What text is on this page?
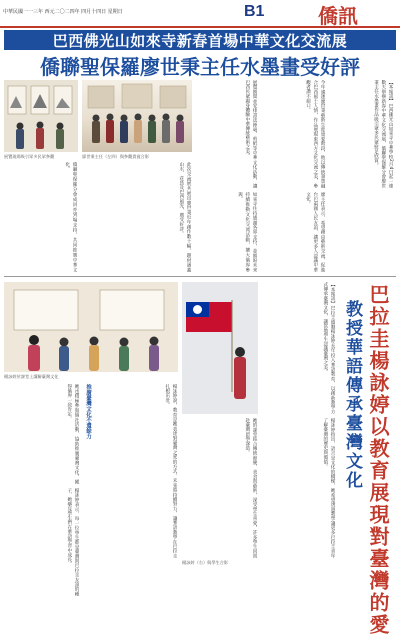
中華民國一一三年 西元二〇二四年 四月十四日 星期日	B1	僑訊
巴西佛光山如來寺新春首場中華文化交流展
僑聯聖保羅廖世秉主任水墨畫受好評
【本報訊】巴西佛光山如來寺中華學校2月4日起一連數天舉辦新春中華文化交流展，僑聯聖保羅分會廖世秉主任水墨畫作品吸引眾多民眾駐足欣賞。
今年適逢廖世秉藝術生涯重要階段，他以傳統筆墨融合巴西風土人情，作品展現東西方文化交流之美，參觀者讚不絕口。
展覽期間並安排書法揮毫、剪紙等中華文化活動，讓巴西民眾親身體驗中華傳統藝術之美。
廖主任表示，希望藉由藝術交流，促進台巴兩國人民友誼，讓更多人認識中華文化。
如來寺住持感謝各界支持，並期盼未來持續推動文化交流活動，擴大僑界參與。
廖世秉主任（左四）與參觀貴賓合影
展覽現場吸引眾多民眾參觀
此次交流展共展出廖世秉近年創作數十幅，題材涵蓋山水、花鳥及巴西風光，廣受好評。
僑聯聖保羅分會成員亦到場支持，共同推廣中華文化。
巴拉圭楊詠婷以教育展現對臺灣的愛
教授華語傳承臺灣文化
【本報訊】巴拉圭僑胞楊詠婷長年投入華語教育，以創新教學方式傳承臺灣文化，讓當地學生認識臺灣之美。
楊詠婷指出，語言是文化的橋樑，她希望透過教學讓更多巴拉圭青年了解臺灣的歷史與價值。
她的課堂結合傳統節慶、美食與藝術，深受學生喜愛，許多學生因而赴臺灣留學深造。
楊詠婷（右）與學生合影
楊詠婷於課堂上講解臺灣文化
楊詠婷說，教育是她表達對臺灣之愛的方式，未來將持續努力，讓華語教學在巴拉圭扎根茁壯。
推廣臺灣文化不遺餘力
她也積極參與僑社活動，協助推廣臺灣文化，獲得僑界一致肯定。
楊詠婷表示，每一位學生都是臺灣與巴拉圭友誼的種子，她樂見學生們在華語學習中成長。
